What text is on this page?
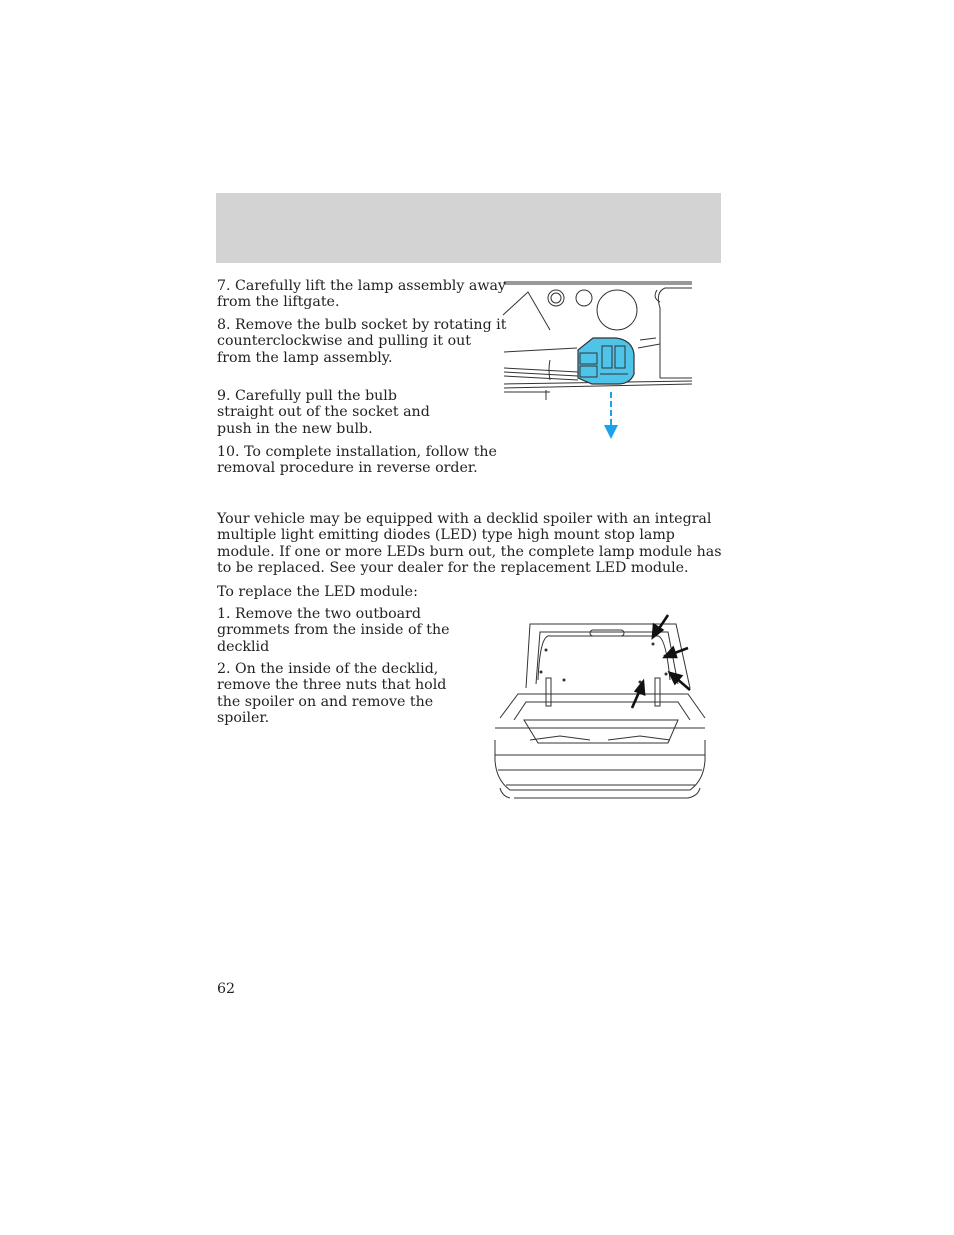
7. Carefully lift the lamp assembly away from the liftgate.

8. Remove the bulb socket by rotating it counterclockwise and pulling it out from the lamp assembly.

9. Carefully pull the bulb straight out of the socket and push in the new bulb.

10. To complete installation, follow the removal procedure in reverse order.

Your vehicle may be equipped with a decklid spoiler with an integral multiple light emitting diodes (LED) type high mount stop lamp module. If one or more LEDs burn out, the complete lamp module has to be replaced. See your dealer for the replacement LED module.

To replace the LED module:

1. Remove the two outboard grommets from the inside of the decklid

2. On the inside of the decklid, remove the three nuts that hold the spoiler on and remove the spoiler.

62
